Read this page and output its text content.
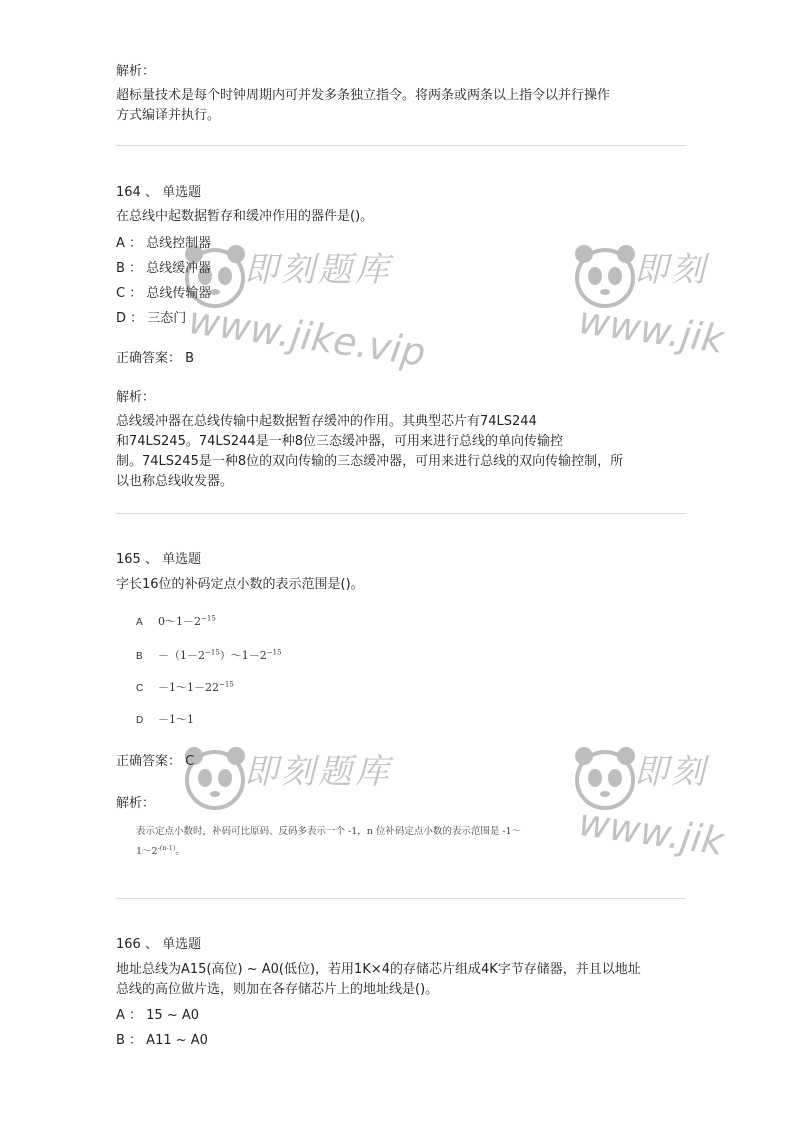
解析：
超标量技术是每个时钟周期内可并发多条独立指令。将两条或两条以上指令以并行操作
方式编译并执行。
164 、 单选题
在总线中起数据暂存和缓冲作用的器件是()。
A ： 总线控制器
B ： 总线缓冲器
C ： 总线传输器
D ： 三态门
正确答案： B
解析：
总线缓冲器在总线传输中起数据暂存缓冲的作用。其典型芯片有74LS244
和74LS245。74LS244是一种8位三态缓冲器，可用来进行总线的单向传输控
制。74LS245是一种8位的双向传输的三态缓冲器，可用来进行总线的双向传输控制，所
以也称总线收发器。
165 、 单选题
字长16位的补码定点小数的表示范围是()。
A $0\sim 1-2^{-15}$
$B -(1-2^{-15})\sim 1-2^{-15}$
$C -1\sim 1-22^{-15}$
D －1～1
正确答案： C
解析：
表示定点小数时，补码可比原码、反码多表示一个 -1，n 位补码定点小数的表示范围是 -1～
$1\sim 2^{-(n-1)}$。
166 、 单选题
地址总线为A15(高位) ~ A0(低位)，若用1K×4的存储芯片组成4K字节存储器，并且以地址
总线的高位做片选，则加在各存储芯片上的地址线是()。
A ： 15 ~ A0
B ： A11 ~ A0
即刻题库
www.jike.vip
即刻
www.jik
即刻题库	即刻
www.jik
